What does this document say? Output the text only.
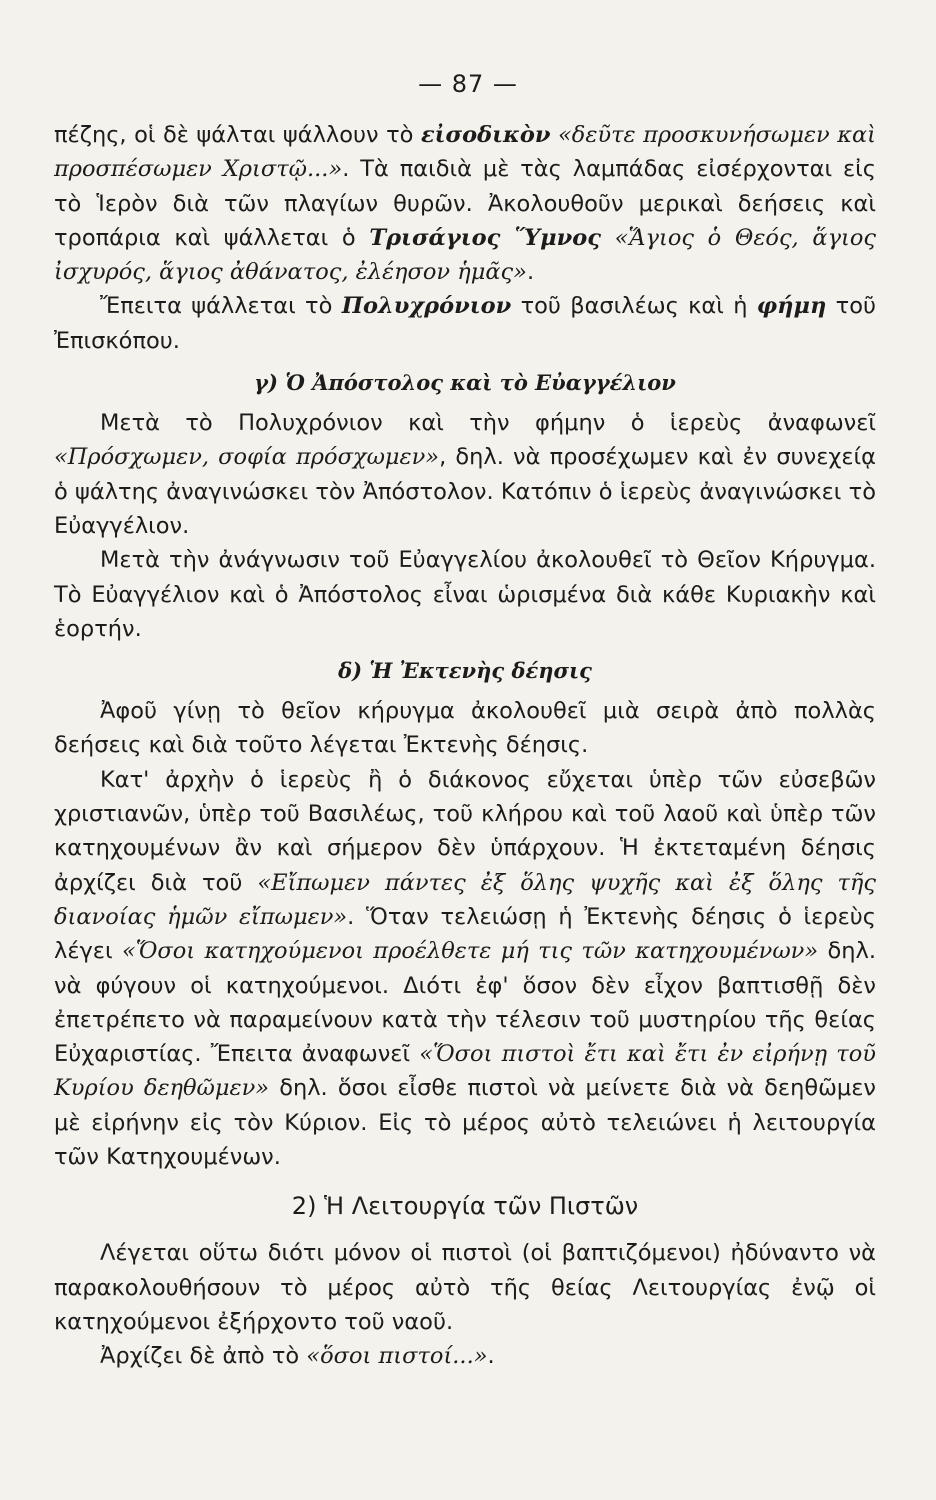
— 87 —

πέζης, οἱ δὲ ψάλται ψάλλουν τὸ εἰσοδικὸν «δεῦτε προσκυνήσωμεν καὶ προσπέσωμεν Χριστῷ...». Τὰ παιδιὰ μὲ τὰς λαμπάδας εἰσέρχονται εἰς τὸ Ἱερὸν διὰ τῶν πλαγίων θυρῶν. Ἀκολουθοῦν μερικαὶ δεήσεις καὶ τροπάρια καὶ ψάλλεται ὁ Τρισάγιος Ὕμνος «Ἅγιος ὁ Θεός, ἅγιος ἰσχυρός, ἅγιος ἀθάνατος, ἐλέησον ἡμᾶς».

Ἔπειτα ψάλλεται τὸ Πολυχρόνιον τοῦ βασιλέως καὶ ἡ φήμη τοῦ Ἐπισκόπου.

γ) Ὁ Ἀπόστολος καὶ τὸ Εὐαγγέλιον

Μετὰ τὸ Πολυχρόνιον καὶ τὴν φήμην ὁ ἱερεὺς ἀναφωνεῖ «Πρόσχωμεν, σοφία πρόσχωμεν», δηλ. νὰ προσέχωμεν καὶ ἐν συνεχείᾳ ὁ ψάλτης ἀναγινώσκει τὸν Ἀπόστολον. Κατόπιν ὁ ἱερεὺς ἀναγινώσκει τὸ Εὐαγγέλιον.

Μετὰ τὴν ἀνάγνωσιν τοῦ Εὐαγγελίου ἀκολουθεῖ τὸ Θεῖον Κήρυγμα. Τὸ Εὐαγγέλιον καὶ ὁ Ἀπόστολος εἶναι ὡρισμένα διὰ κάθε Κυριακὴν καὶ ἑορτήν.

δ) Ἡ Ἐκτενὴς δέησις

Ἀφοῦ γίνῃ τὸ θεῖον κήρυγμα ἀκολουθεῖ μιὰ σειρὰ ἀπὸ πολλὰς δεήσεις καὶ διὰ τοῦτο λέγεται Ἐκτενὴς δέησις.

Κατ' ἀρχὴν ὁ ἱερεὺς ἢ ὁ διάκονος εὔχεται ὑπὲρ τῶν εὐσεβῶν χριστιανῶν, ὑπὲρ τοῦ Βασιλέως, τοῦ κλήρου καὶ τοῦ λαοῦ καὶ ὑπὲρ τῶν κατηχουμένων ἂν καὶ σήμερον δὲν ὑπάρχουν. Ἡ ἐκτεταμένη δέησις ἀρχίζει διὰ τοῦ «Εἴπωμεν πάντες ἐξ ὅλης ψυχῆς καὶ ἐξ ὅλης τῆς διανοίας ἡμῶν εἴπωμεν». Ὅταν τελειώσῃ ἡ Ἐκτενὴς δέησις ὁ ἱερεὺς λέγει «Ὅσοι κατηχούμενοι προέλθετε μή τις τῶν κατηχουμένων» δηλ. νὰ φύγουν οἱ κατηχούμενοι. Διότι ἐφ' ὅσον δὲν εἶχον βαπτισθῇ δὲν ἐπετρέπετο νὰ παραμείνουν κατὰ τὴν τέλεσιν τοῦ μυστηρίου τῆς θείας Εὐχαριστίας. Ἔπειτα ἀναφωνεῖ «Ὅσοι πιστοὶ ἔτι καὶ ἔτι ἐν εἰρήνῃ τοῦ Κυρίου δεηθῶμεν» δηλ. ὅσοι εἶσθε πιστοὶ νὰ μείνετε διὰ νὰ δεηθῶμεν μὲ εἰρήνην εἰς τὸν Κύριον. Εἰς τὸ μέρος αὐτὸ τελειώνει ἡ λειτουργία τῶν Κατηχουμένων.

2) Ἡ Λειτουργία τῶν Πιστῶν

Λέγεται οὕτω διότι μόνον οἱ πιστοὶ (οἱ βαπτιζόμενοι) ἠδύναντο νὰ παρακολουθήσουν τὸ μέρος αὐτὸ τῆς θείας Λειτουργίας ἐνῷ οἱ κατηχούμενοι ἐξήρχοντο τοῦ ναοῦ.

Ἀρχίζει δὲ ἀπὸ τὸ «ὅσοι πιστοί...».
